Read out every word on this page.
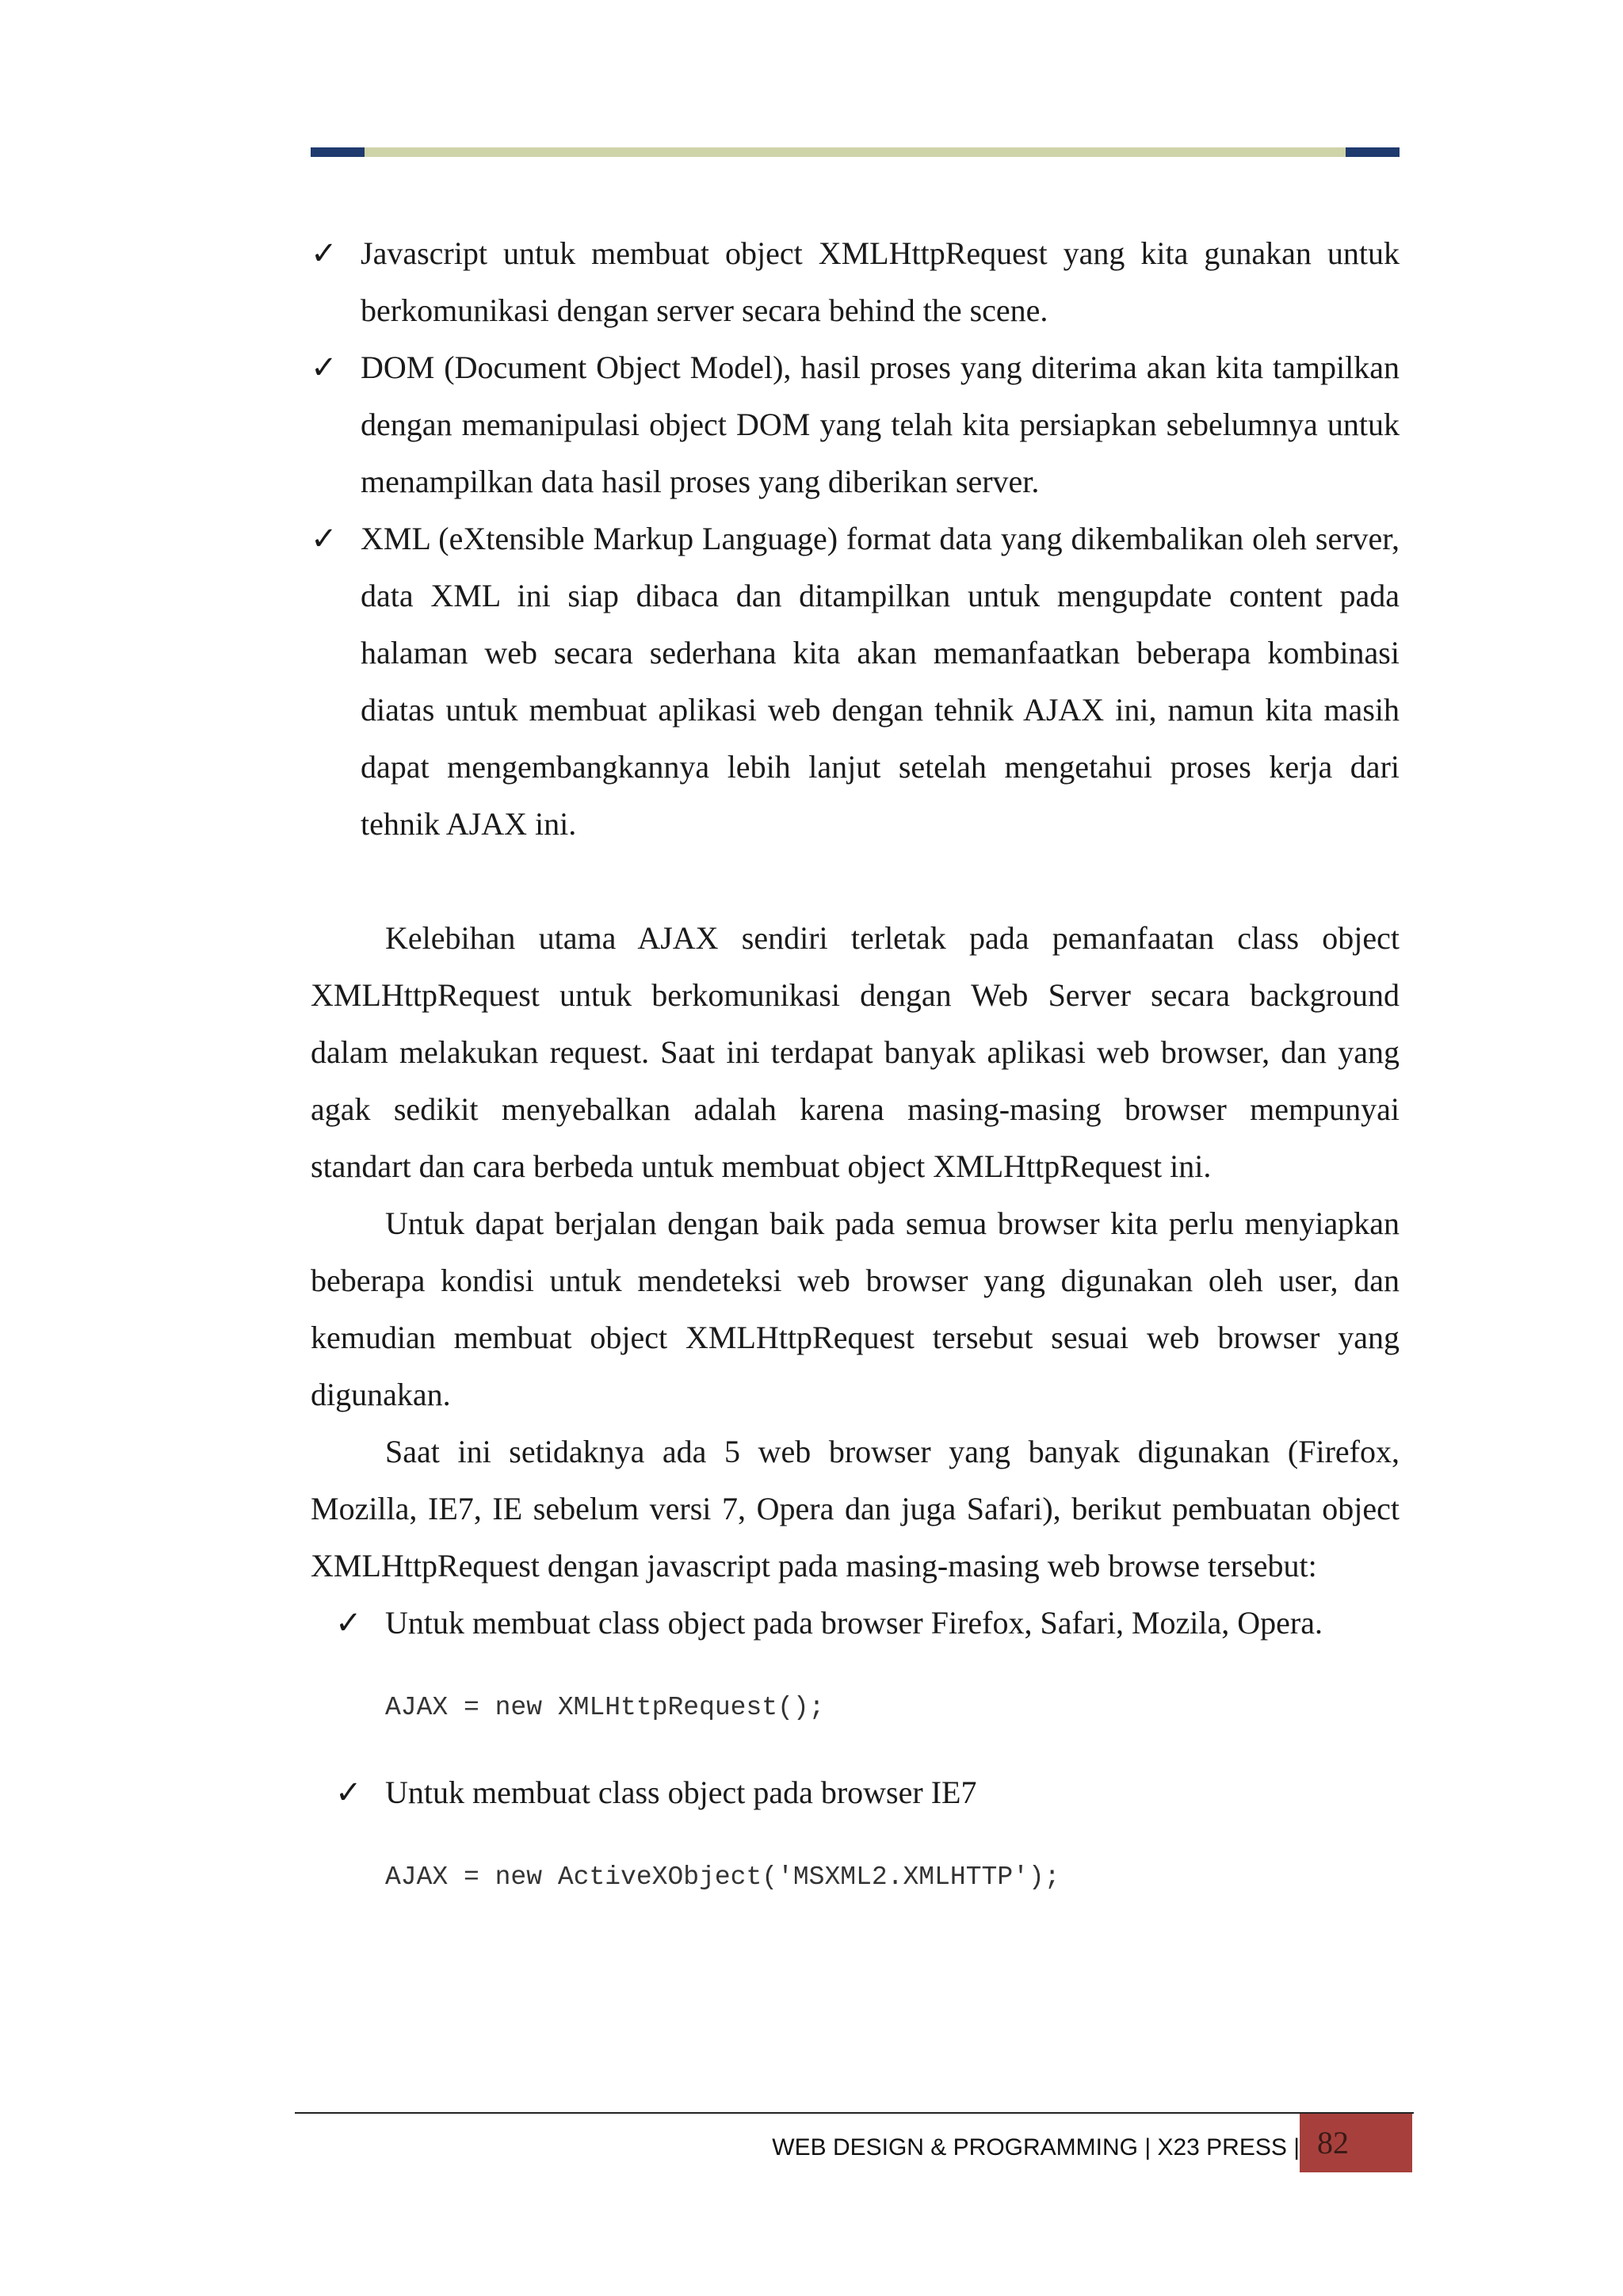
✓ Javascript untuk membuat object XMLHttpRequest yang kita gunakan untuk berkomunikasi dengan server secara behind the scene.
✓ DOM (Document Object Model), hasil proses yang diterima akan kita tampilkan dengan memanipulasi object DOM yang telah kita persiapkan sebelumnya untuk menampilkan data hasil proses yang diberikan server.
✓ XML (eXtensible Markup Language) format data yang dikembalikan oleh server, data XML ini siap dibaca dan ditampilkan untuk mengupdate content pada halaman web secara sederhana kita akan memanfaatkan beberapa kombinasi diatas untuk membuat aplikasi web dengan tehnik AJAX ini, namun kita masih dapat mengembangkannya lebih lanjut setelah mengetahui proses kerja dari tehnik AJAX ini.

Kelebihan utama AJAX sendiri terletak pada pemanfaatan class object XMLHttpRequest untuk berkomunikasi dengan Web Server secara background dalam melakukan request. Saat ini terdapat banyak aplikasi web browser, dan yang agak sedikit menyebalkan adalah karena masing-masing browser mempunyai standart dan cara berbeda untuk membuat object XMLHttpRequest ini.

Untuk dapat berjalan dengan baik pada semua browser kita perlu menyiapkan beberapa kondisi untuk mendeteksi web browser yang digunakan oleh user, dan kemudian membuat object XMLHttpRequest tersebut sesuai web browser yang digunakan.

Saat ini setidaknya ada 5 web browser yang banyak digunakan (Firefox, Mozilla, IE7, IE sebelum versi 7, Opera dan juga Safari), berikut pembuatan object XMLHttpRequest dengan javascript pada masing-masing web browse tersebut:

✓ Untuk membuat class object pada browser Firefox, Safari, Mozila, Opera.
AJAX = new XMLHttpRequest();
✓ Untuk membuat class object pada browser IE7
AJAX = new ActiveXObject('MSXML2.XMLHTTP');
WEB DESIGN & PROGRAMMING | X23 PRESS | 82
